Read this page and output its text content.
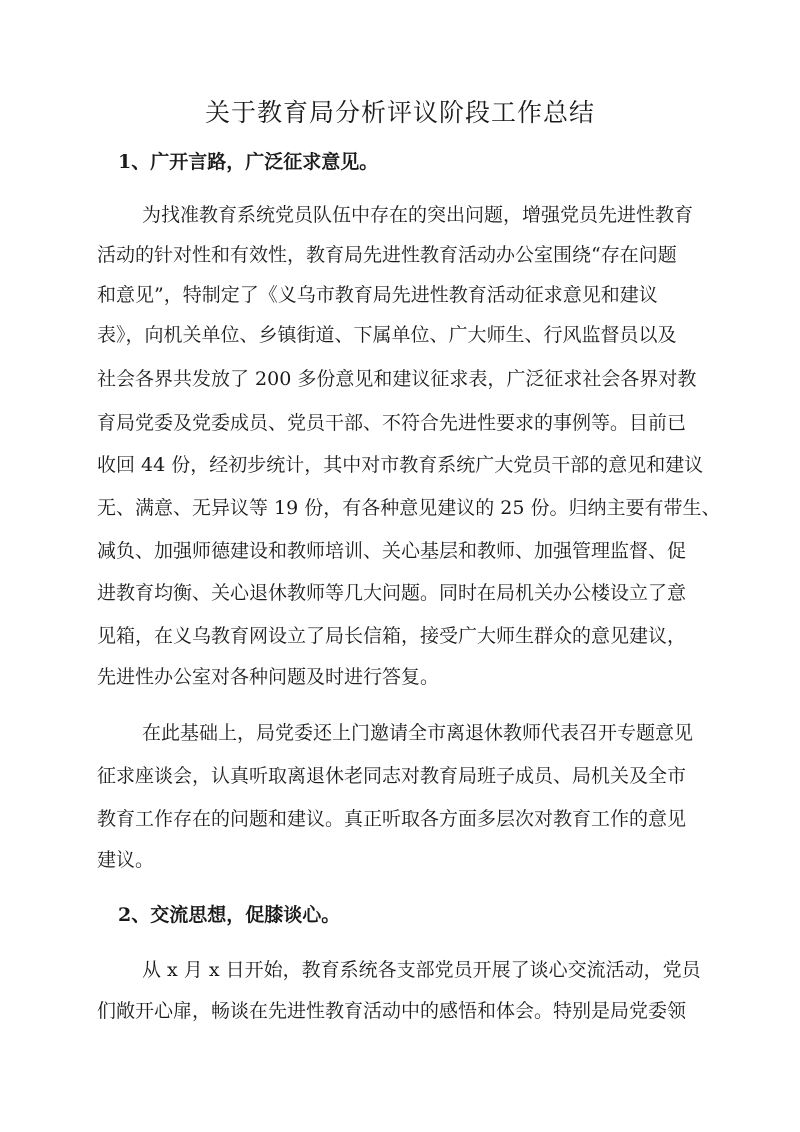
关于教育局分析评议阶段工作总结
1、广开言路，广泛征求意见。

为找准教育系统党员队伍中存在的突出问题，增强党员先进性教育

活动的针对性和有效性，教育局先进性教育活动办公室围绕“存在问题

和意见”，特制定了《义乌市教育局先进性教育活动征求意见和建议

表》，向机关单位、乡镇街道、下属单位、广大师生、行风监督员以及

社会各界共发放了 200 多份意见和建议征求表，广泛征求社会各界对教

育局党委及党委成员、党员干部、不符合先进性要求的事例等。目前已

收回 44 份，经初步统计，其中对市教育系统广大党员干部的意见和建议

无、满意、无异议等 19 份，有各种意见建议的 25 份。归纳主要有带生、

减负、加强师德建设和教师培训、关心基层和教师、加强管理监督、促

进教育均衡、关心退休教师等几大问题。同时在局机关办公楼设立了意

见箱，在义乌教育网设立了局长信箱，接受广大师生群众的意见建议，

先进性办公室对各种问题及时进行答复。

在此基础上，局党委还上门邀请全市离退休教师代表召开专题意见

征求座谈会，认真听取离退休老同志对教育局班子成员、局机关及全市

教育工作存在的问题和建议。真正听取各方面多层次对教育工作的意见

建议。

2、交流思想，促膝谈心。

从 x 月 x 日开始，教育系统各支部党员开展了谈心交流活动，党员

们敞开心扉，畅谈在先进性教育活动中的感悟和体会。特别是局党委领
